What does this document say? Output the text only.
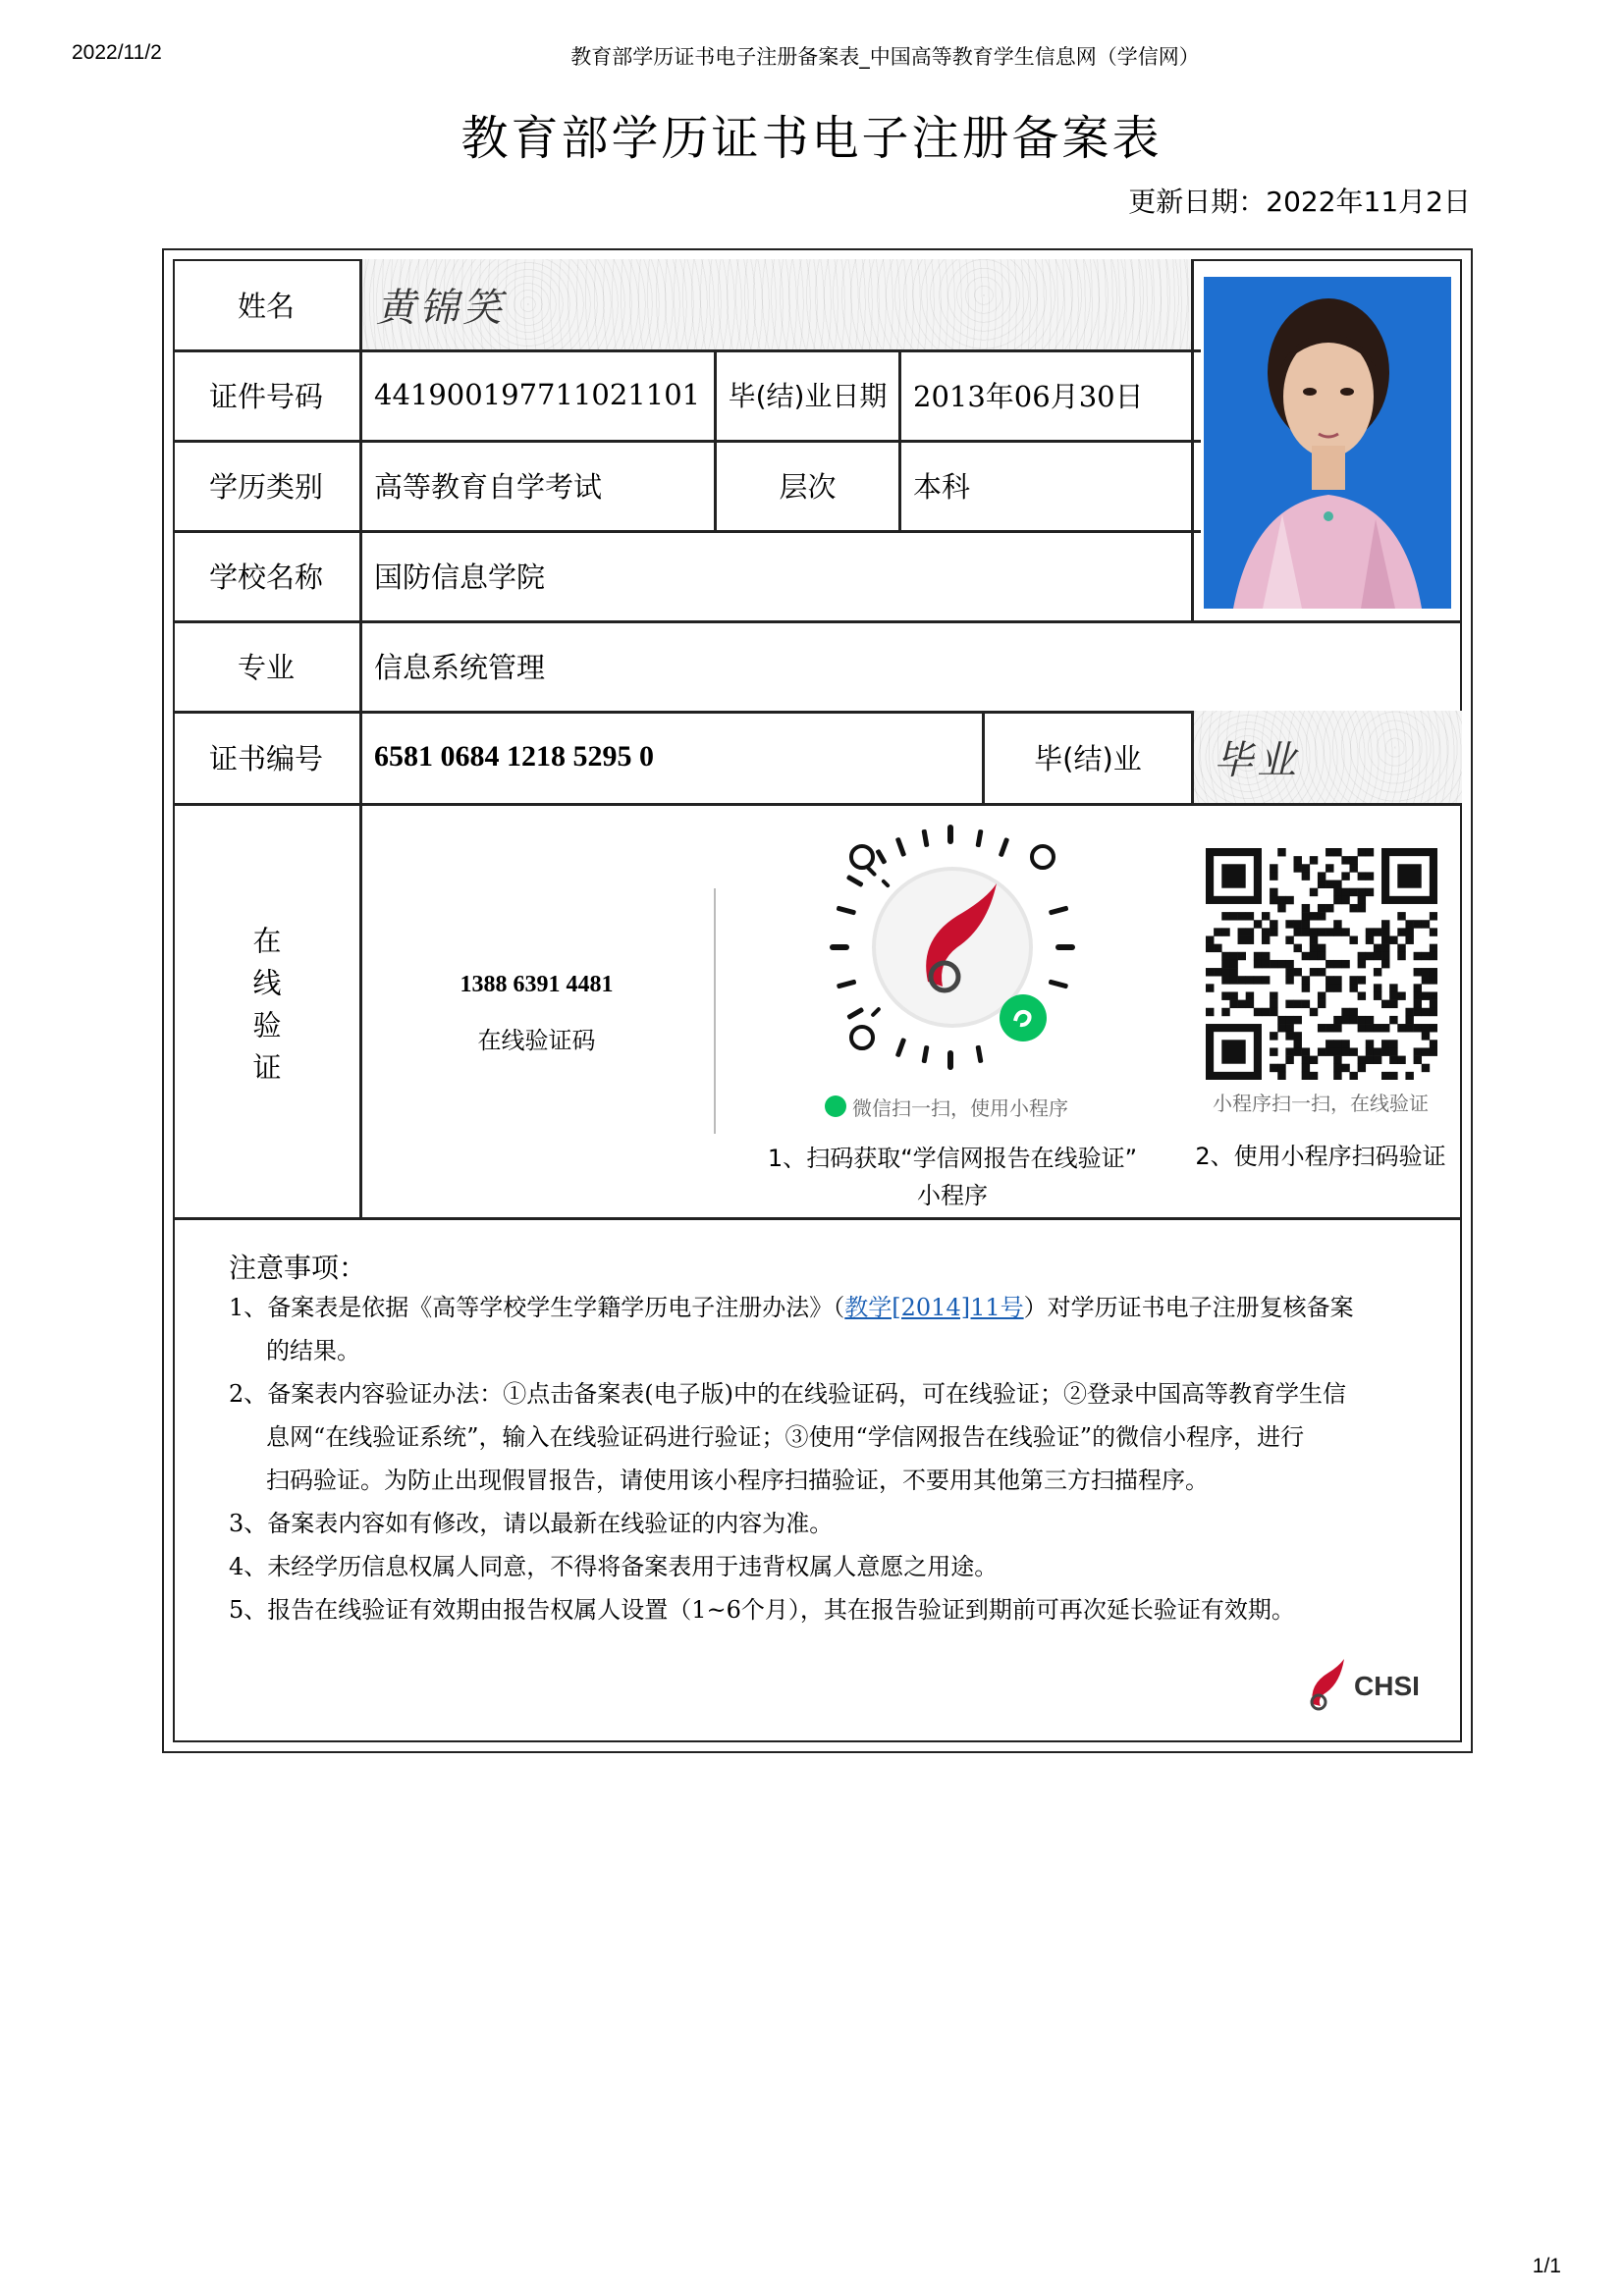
2022/11/2	教育部学历证书电子注册备案表_中国高等教育学生信息网（学信网）
教育部学历证书电子注册备案表
更新日期：2022年11月2日
姓名	黄锦笑
证件号码	441900197711021101	毕(结)业日期 2013年06月30日
学历类别	高等教育自学考试	层次	本科
学校名称	国防信息学院
专业	信息系统管理
证书编号	6581 0684 1218 5295 0	毕(结)业	毕业
在线验证	1388 6391 4481
在线验证码
微信扫一扫，使用小程序
1、扫码获取“学信网报告在线验证”
小程序
小程序扫一扫，在线验证
2、使用小程序扫码验证
注意事项：
1、备案表是依据《高等学校学生学籍学历电子注册办法》（教学[2014]11号）对学历证书电子注册复核备案
的结果。
2、备案表内容验证办法：①点击备案表(电子版)中的在线验证码，可在线验证；②登录中国高等教育学生信
息网“在线验证系统”，输入在线验证码进行验证；③使用“学信网报告在线验证”的微信小程序，进行
扫码验证。为防止出现假冒报告，请使用该小程序扫描验证，不要用其他第三方扫描程序。
3、备案表内容如有修改，请以最新在线验证的内容为准。
4、未经学历信息权属人同意，不得将备案表用于违背权属人意愿之用途。
5、报告在线验证有效期由报告权属人设置（1~6个月），其在报告验证到期前可再次延长验证有效期。
CHSI
1/1
